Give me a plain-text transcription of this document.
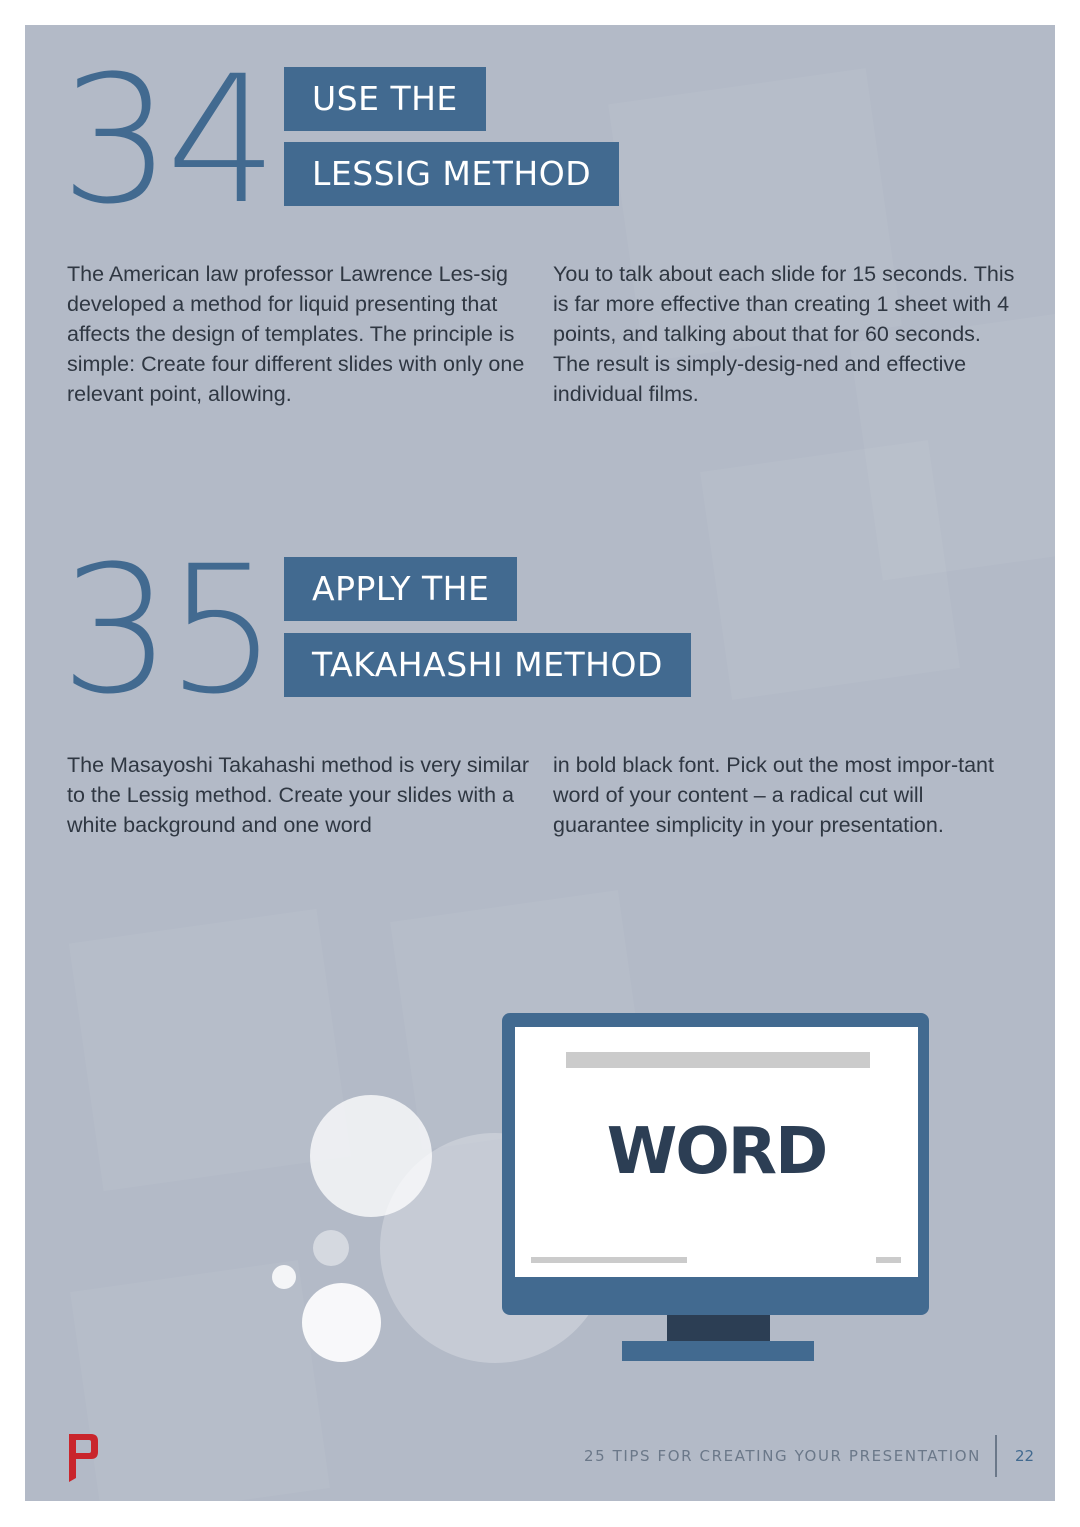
34	USE THE
LESSIG METHOD
The American law professor Lawrence Les-sig developed a method for liquid presenting that affects the design of templates. The principle is simple: Create four different slides with only one relevant point, allowing.
You to talk about each slide for 15 seconds. This is far more effective than creating 1 sheet with 4 points, and talking about that for 60 seconds. The result is simply-desig-ned and effective individual films.
35	APPLY THE
TAKAHASHI METHOD
The Masayoshi Takahashi method is very similar to the Lessig method. Create your slides with a white background and one word
in bold black font. Pick out the most impor-tant word of your content – a radical cut will guarantee simplicity in your presentation.
WORD
25 TIPS FOR CREATING YOUR PRESENTATION 22
